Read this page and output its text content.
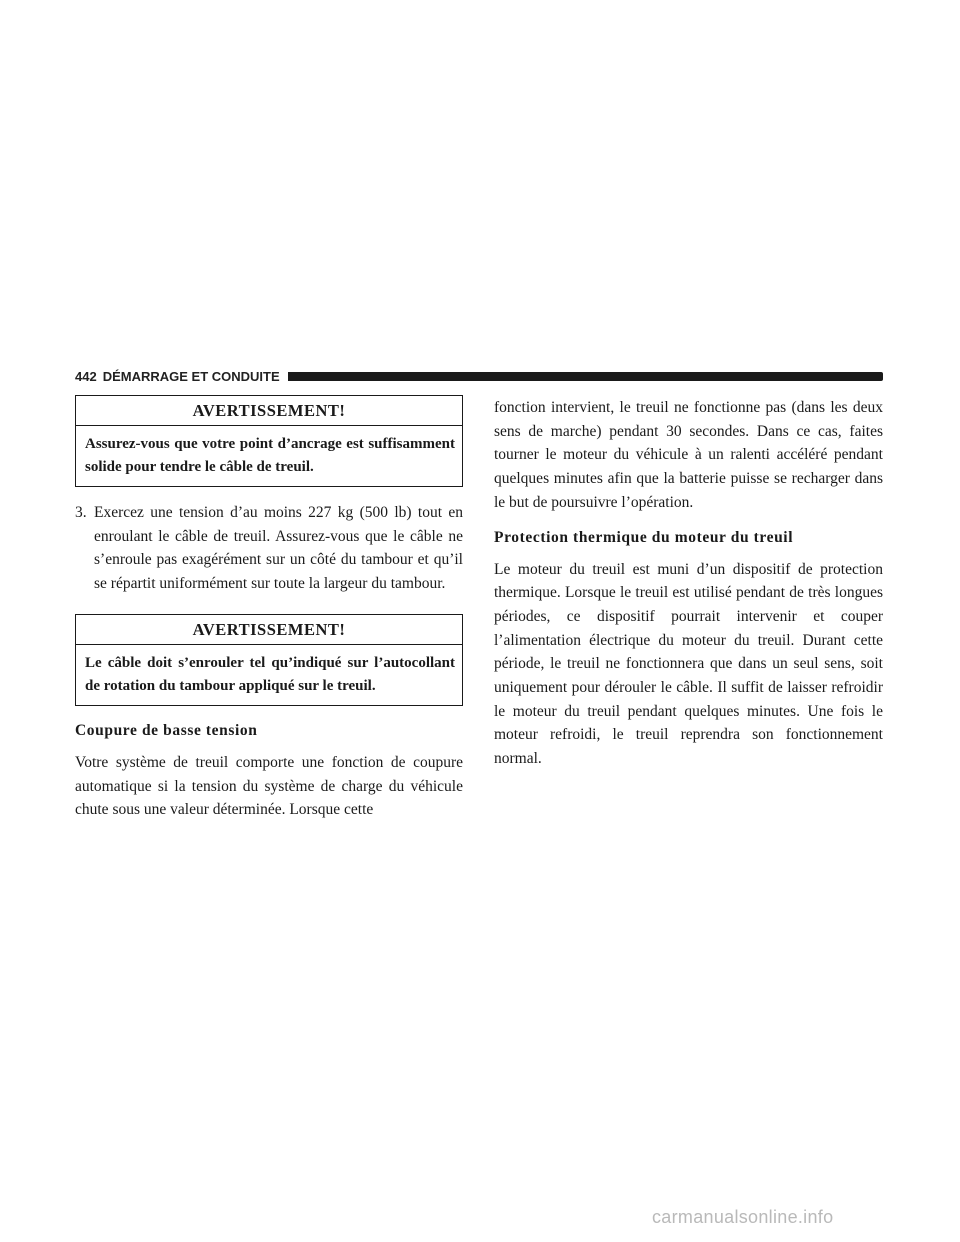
442 DÉMARRAGE ET CONDUITE
AVERTISSEMENT!
Assurez-vous que votre point d’ancrage est suffisamment solide pour tendre le câble de treuil.
3. Exercez une tension d’au moins 227 kg (500 lb) tout en enroulant le câble de treuil. Assurez-vous que le câble ne s’enroule pas exagérément sur un côté du tambour et qu’il se répartit uniformément sur toute la largeur du tambour.

AVERTISSEMENT!
Le câble doit s’enrouler tel qu’indiqué sur l’autocollant de rotation du tambour appliqué sur le treuil.
Coupure de basse tension

Votre système de treuil comporte une fonction de coupure automatique si la tension du système de charge du véhicule chute sous une valeur déterminée. Lorsque cette

fonction intervient, le treuil ne fonctionne pas (dans les deux sens de marche) pendant 30 secondes. Dans ce cas, faites tourner le moteur du véhicule à un ralenti accéléré pendant quelques minutes afin que la batterie puisse se recharger dans le but de poursuivre l’opération.

Protection thermique du moteur du treuil

Le moteur du treuil est muni d’un dispositif de protection thermique. Lorsque le treuil est utilisé pendant de très longues périodes, ce dispositif pourrait intervenir et couper l’alimentation électrique du moteur du treuil. Durant cette période, le treuil ne fonctionnera que dans un seul sens, soit uniquement pour dérouler le câble. Il suffit de laisser refroidir le moteur du treuil pendant quelques minutes. Une fois le moteur refroidi, le treuil reprendra son fonctionnement normal.

carmanualsonline.info
